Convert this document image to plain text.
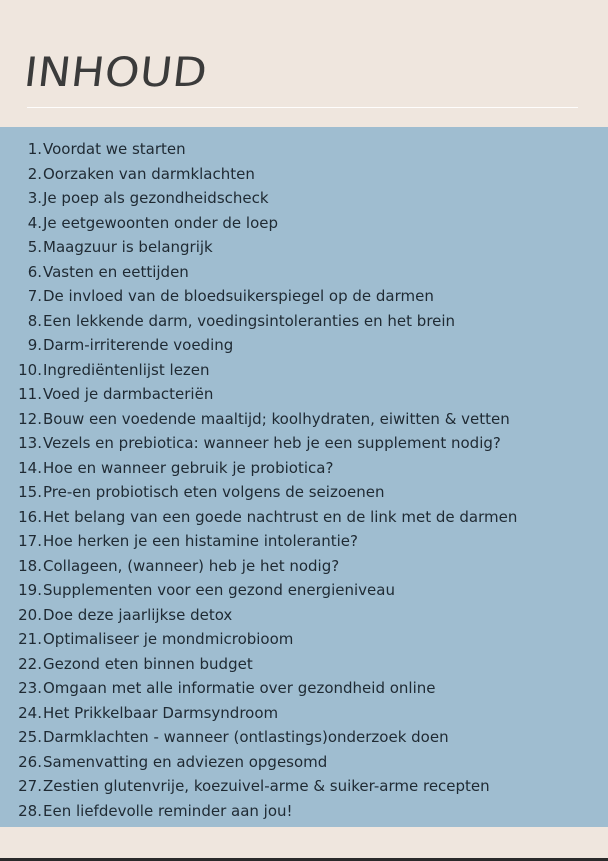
INHOUD
1. Voordat we starten
2. Oorzaken van darmklachten
3. Je poep als gezondheidscheck
4. Je eetgewoonten onder de loep
5. Maagzuur is belangrijk
6. Vasten en eettijden
7. De invloed van de bloedsuikerspiegel op de darmen
8. Een lekkende darm, voedingsintoleranties en het brein
9. Darm-irriterende voeding
10. Ingrediëntenlijst lezen
11. Voed je darmbacteriën
12. Bouw een voedende maaltijd; koolhydraten, eiwitten & vetten
13. Vezels en prebiotica: wanneer heb je een supplement nodig?
14. Hoe en wanneer gebruik je probiotica?
15. Pre-en probiotisch eten volgens de seizoenen
16. Het belang van een goede nachtrust en de link met de darmen
17. Hoe herken je een histamine intolerantie?
18. Collageen, (wanneer) heb je het nodig?
19. Supplementen voor een gezond energieniveau
20. Doe deze jaarlijkse detox
21. Optimaliseer je mondmicrobioom
22. Gezond eten binnen budget
23. Omgaan met alle informatie over gezondheid online
24. Het Prikkelbaar Darmsyndroom
25. Darmklachten - wanneer (ontlastings)onderzoek doen
26. Samenvatting en adviezen opgesomd
27. Zestien glutenvrije, koezuivel-arme & suiker-arme recepten
28. Een liefdevolle reminder aan jou!
